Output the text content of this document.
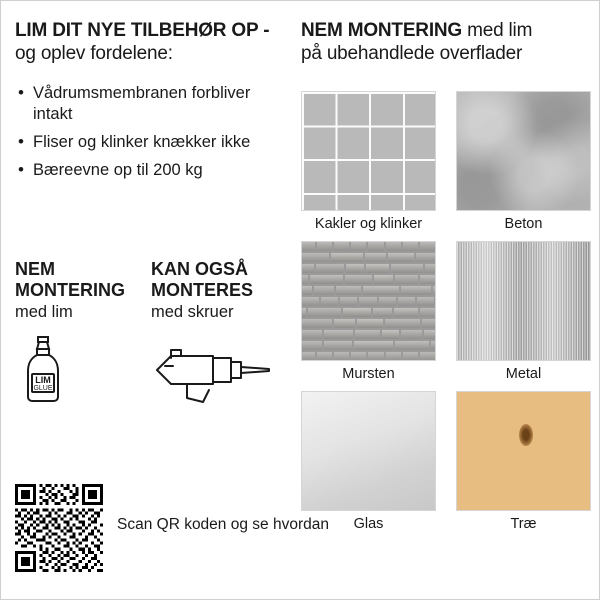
LIM DIT NYE TILBEHØR OP - og oplev fordelene:
• Vådrumsmembranen forbliver intakt
• Fliser og klinker knækker ikke
• Bæreevne op til 200 kg

NEM MONTERING

med lim

LIM
GLUE

KAN OGSÅ MONTERES

med skruer

Scan QR koden og se hvordan
NEM MONTERING med lim
på ubehandlede overflader
Kakler og klinker	Beton
Mursten	Metal
Glas	Træ
